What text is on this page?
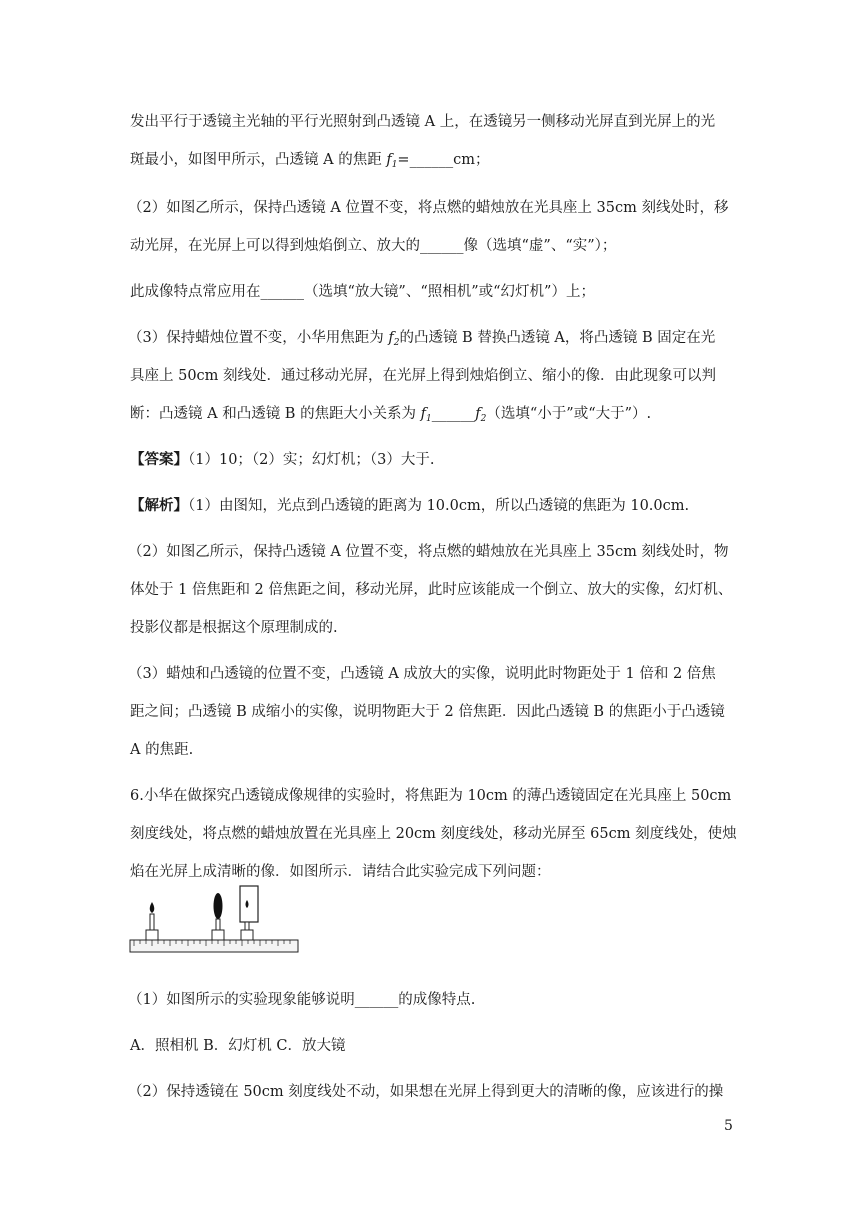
发出平行于透镜主光轴的平行光照射到凸透镜 A 上，在透镜另一侧移动光屏直到光屏上的光
斑最小，如图甲所示，凸透镜 A 的焦距 $f_1=\_\_\_\_\_\_cm$；
（2）如图乙所示，保持凸透镜 A 位置不变，将点燃的蜡烛放在光具座上 35cm 刻线处时，移
动光屏，在光屏上可以得到烛焰倒立、放大的______像（选填“虚”、“实”）；
此成像特点常应用在______（选填“放大镜”、“照相机”或“幻灯机”）上；
（3）保持蜡烛位置不变，小华用焦距为 $f_2$的凸透镜 B 替换凸透镜 A，将凸透镜 B 固定在光
具座上 50cm 刻线处．通过移动光屏，在光屏上得到烛焰倒立、缩小的像．由此现象可以判
断：凸透镜 A 和凸透镜 B 的焦距大小关系为 $f_1\_\_\_\_\_\_f_2$（选填“小于”或“大于”）.
【答案】（1）10；（2）实；幻灯机；（3）大于.
【解析】（1）由图知，光点到凸透镜的距离为 10.0cm，所以凸透镜的焦距为 10.0cm.
（2）如图乙所示，保持凸透镜 A 位置不变，将点燃的蜡烛放在光具座上 35cm 刻线处时，物
体处于 1 倍焦距和 2 倍焦距之间，移动光屏，此时应该能成一个倒立、放大的实像，幻灯机、
投影仪都是根据这个原理制成的.
（3）蜡烛和凸透镜的位置不变，凸透镜 A 成放大的实像，说明此时物距处于 1 倍和 2 倍焦
距之间；凸透镜 B 成缩小的实像，说明物距大于 2 倍焦距．因此凸透镜 B 的焦距小于凸透镜
A 的焦距.
6.小华在做探究凸透镜成像规律的实验时，将焦距为 10cm 的薄凸透镜固定在光具座上 50cm
刻度线处，将点燃的蜡烛放置在光具座上 20cm 刻度线处，移动光屏至 65cm 刻度线处，使烛
焰在光屏上成清晰的像．如图所示．请结合此实验完成下列问题：
（1）如图所示的实验现象能够说明______的成像特点.
A．照相机 B．幻灯机 C．放大镜
（2）保持透镜在 50cm 刻度线处不动，如果想在光屏上得到更大的清晰的像，应该进行的操
5
